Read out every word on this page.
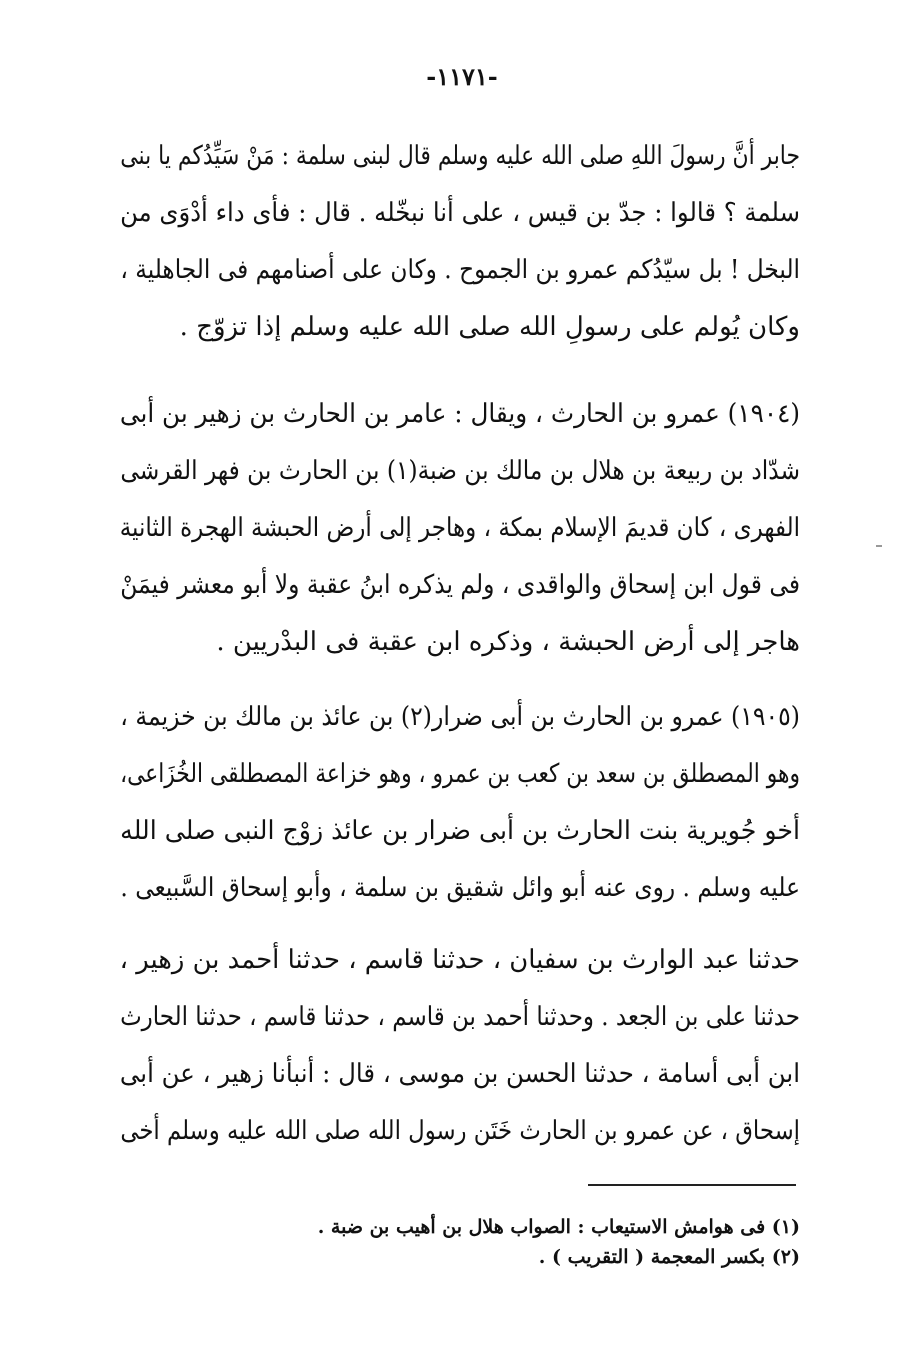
-١١٧١-
جابر أنَّ رسولَ اللهِ صلى الله عليه وسلم قال لبنى سلمة : مَنْ سَيِّدُكم يا بنى
سلمة ؟ قالوا : جدّ بن قيس ، على أنا نبخّله . قال : فأى داء أدْوَى من
البخل ! بل سيّدُكم عمرو بن الجموح . وكان على أصنامهم فى الجاهلية ،
وكان يُولم على رسولِ الله صلى الله عليه وسلم إذا تزوّج .
(١٩٠٤) عمرو بن الحارث ، ويقال : عامر بن الحارث بن زهير بن أبى
شدّاد بن ربيعة بن هلال بن مالك بن ضبة(١) بن الحارث بن فهر القرشى
الفهرى ، كان قديمَ الإسلام بمكة ، وهاجر إلى أرض الحبشة الهجرة الثانية
فى قول ابن إسحاق والواقدى ، ولم يذكره ابنُ عقبة ولا أبو معشر فيمَنْ
هاجر إلى أرض الحبشة ، وذكره ابن عقبة فى البدْريين .
(١٩٠٥) عمرو بن الحارث بن أبى ضرار(٢) بن عائذ بن مالك بن خزيمة ،
وهو المصطلق بن سعد بن كعب بن عمرو ، وهو خزاعة المصطلقى الخُزَاعى،
أخو جُويرية بنت الحارث بن أبى ضرار بن عائذ زوْج النبى صلى الله
عليه وسلم . روى عنه أبو وائل شقيق بن سلمة ، وأبو إسحاق السَّبيعى .
حدثنا عبد الوارث بن سفيان ، حدثنا قاسم ، حدثنا أحمد بن زهير ،
حدثنا على بن الجعد . وحدثنا أحمد بن قاسم ، حدثنا قاسم ، حدثنا الحارث
ابن أبى أسامة ، حدثنا الحسن بن موسى ، قال : أنبأنا زهير ، عن أبى
إسحاق ، عن عمرو بن الحارث خَتَن رسول الله صلى الله عليه وسلم أخى
(١) فى هوامش الاستيعاب : الصواب هلال بن أهيب بن ضبة .
(٢) بكسر المعجمة ( التقريب ) .
